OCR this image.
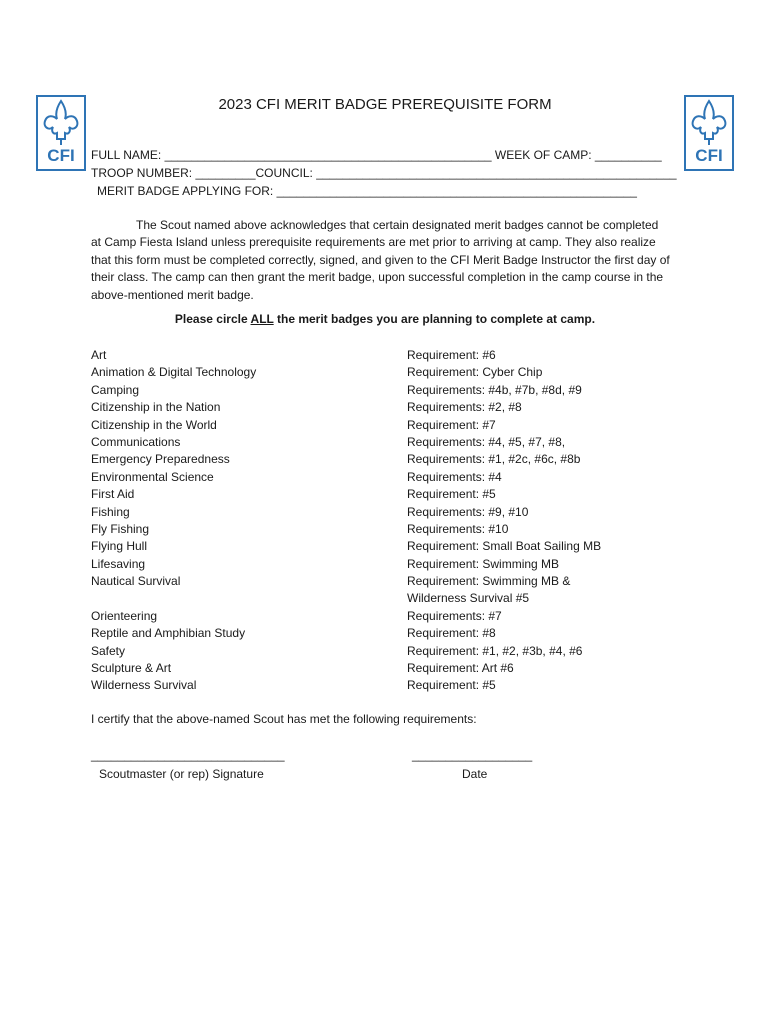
CFI	CFI
2023 CFI MERIT BADGE PREREQUISITE FORM
FULL NAME: _________________________________________________ WEEK OF CAMP: __________
TROOP NUMBER: _________COUNCIL: ______________________________________________________
MERIT BADGE APPLYING FOR: ______________________________________________________
The Scout named above acknowledges that certain designated merit badges cannot be completed at Camp Fiesta Island unless prerequisite requirements are met prior to arriving at camp. They also realize that this form must be completed correctly, signed, and given to the CFI Merit Badge Instructor the first day of their class. The camp can then grant the merit badge, upon successful completion in the camp course in the above-mentioned merit badge.
Please circle ALL the merit badges you are planning to complete at camp.
Art
Animation & Digital Technology
Camping
Citizenship in the Nation
Citizenship in the World
Communications
Emergency Preparedness
Environmental Science
First Aid
Fishing
Fly Fishing
Flying Hull
Lifesaving
Nautical Survival
Orienteering
Reptile and Amphibian Study
Safety
Sculpture & Art
Wilderness Survival
Requirement: #6
Requirement: Cyber Chip
Requirements: #4b, #7b, #8d, #9
Requirements: #2, #8
Requirement: #7
Requirements: #4, #5, #7, #8,
Requirements: #1, #2c, #6c, #8b
Requirements: #4
Requirement: #5
Requirements: #9, #10
Requirements: #10
Requirement: Small Boat Sailing MB
Requirement: Swimming MB
Requirement: Swimming MB &
Wilderness Survival #5
Requirements: #7
Requirement: #8
Requirement: #1, #2, #3b, #4, #6
Requirement: Art #6
Requirement: #5
I certify that the above-named Scout has met the following requirements:
_____________________________
Scoutmaster (or rep) Signature
__________________
Date
